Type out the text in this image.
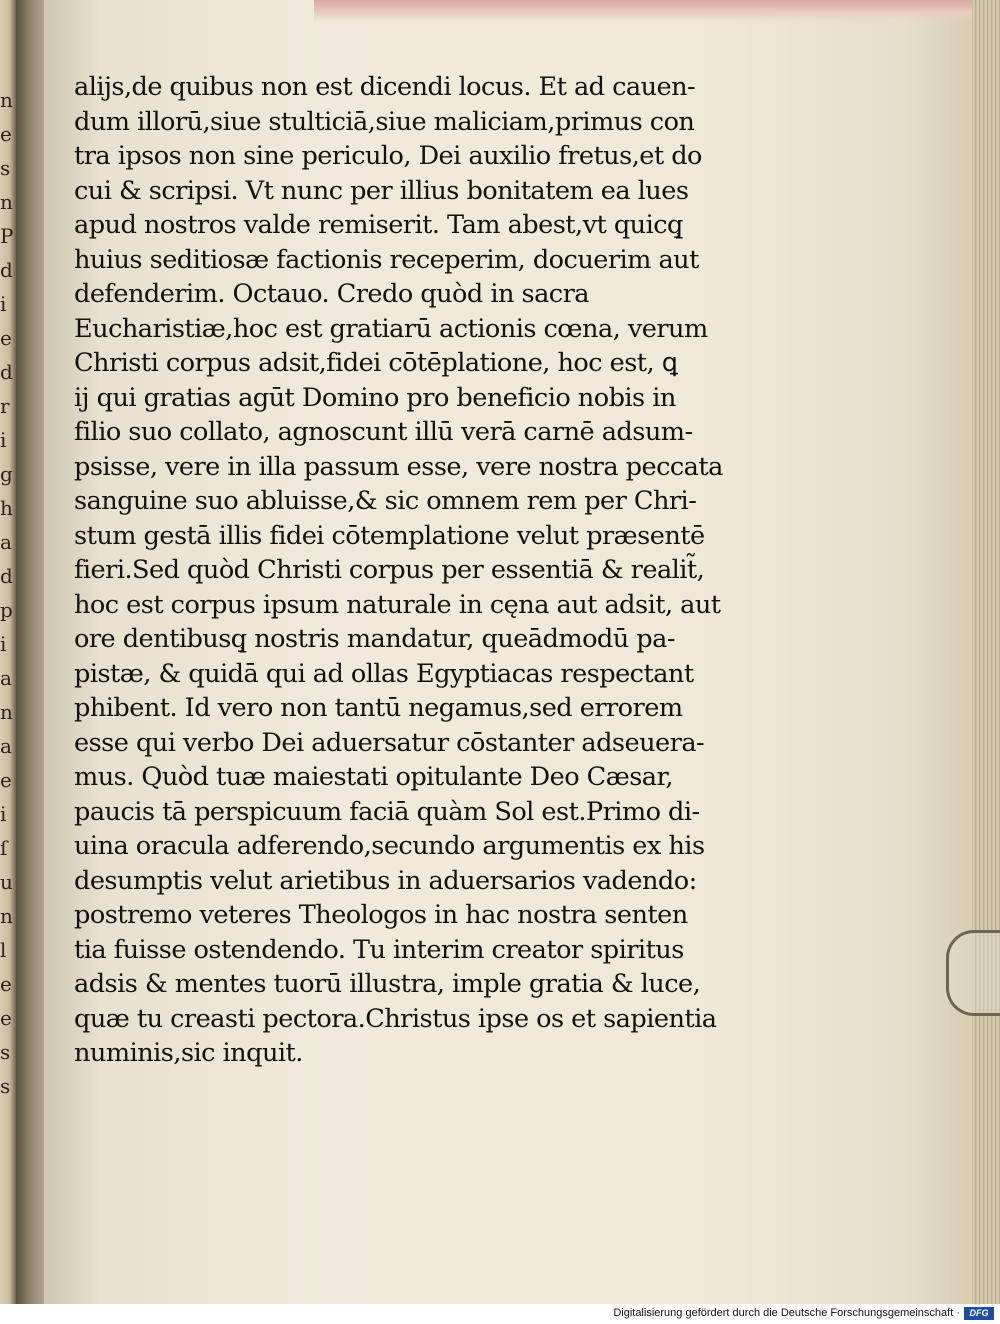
n
e
s
n
P
d
i
e
d
r
i
g
h
a
d
p
i
a
n
a
e
i
ſ
u
n
l
e
e
s
s
alijs,de quibus non est dicendi locus. Et ad cauen-
dum illorū,siue stulticiā,siue maliciam,primus con
tra ipsos non sine periculo, Dei auxilio fretus,et do
cui & scripsi. Vt nunc per illius bonitatem ea lues
apud nostros valde remiserit. Tam abest,vt quicq̧
huius seditiosæ factionis receperim, docuerim aut
defenderim. Octauo. Credo quòd in sacra
Eucharistiæ,hoc est gratiarū actionis cœna, verum
Christi corpus adsit,fidei cōtēplatione, hoc est, ꝗ
ij qui gratias agūt Domino pro beneficio nobis in
filio suo collato, agnoscunt illū verā carnē adsum-
psisse, vere in illa passum esse, vere nostra peccata
sanguine suo abluisse,& sic omnem rem per Chri-
stum gestā illis fidei cōtemplatione velut præsentē
fieri.Sed quòd Christi corpus per essentiā & realit̃,
hoc est corpus ipsum naturale in cęna aut adsit, aut
ore dentibusq̧ nostris mandatur, queādmodū pa-
pistæ, & quidā qui ad ollas Egyptiacas respectant
phibent. Id vero non tantū negamus,sed errorem
esse qui verbo Dei aduersatur cōstanter adseuera-
mus. Quòd tuæ maiestati opitulante Deo Cæsar,
paucis tā perspicuum faciā quàm Sol est.Primo di-
uina oracula adferendo,secundo argumentis ex his
desumptis velut arietibus in aduersarios vadendo:
postremo veteres Theologos in hac nostra senten
tia fuisse ostendendo. Tu interim creator spiritus
adsis & mentes tuorū illustra, imple gratia & luce,
quæ tu creasti pectora.Christus ipse os et sapientia
numinis,sic inquit.
Digitalisierung gefördert durch die Deutsche Forschungsgemeinschaft ·	DFG
